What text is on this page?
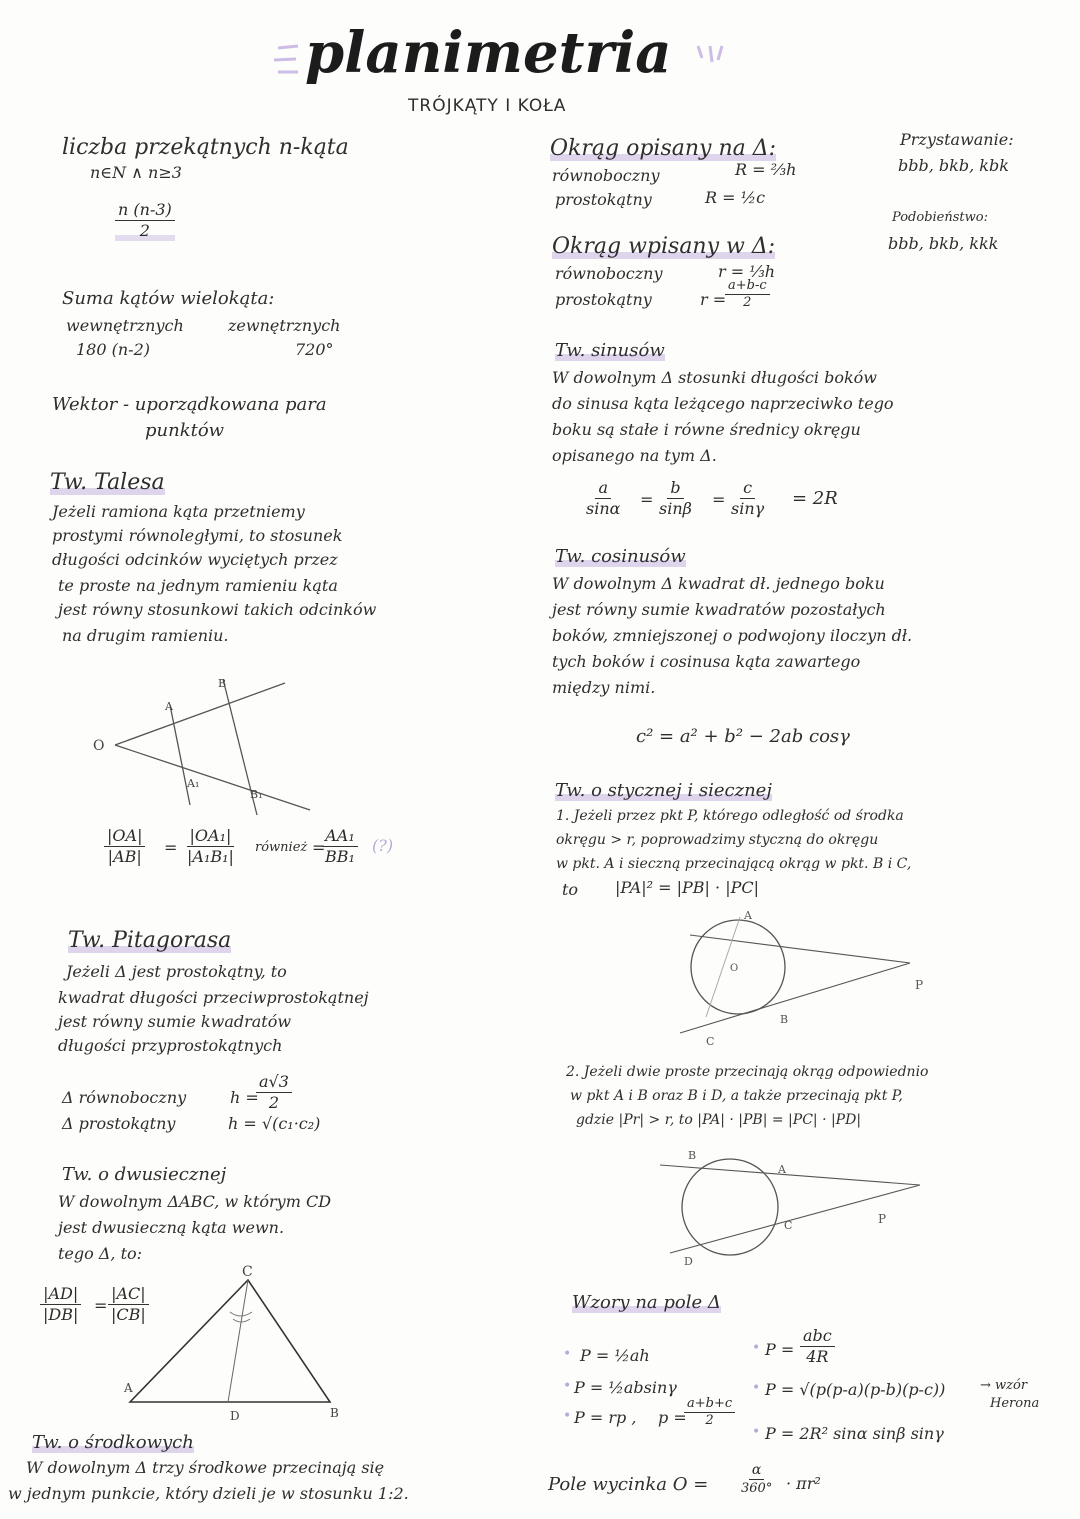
planimetria
TRÓJKĄTY I KOŁA
liczba przekątnych n-kąta
n∈N ∧ n≥3
$\frac{n (n-3)}{2}$
Suma kątów wielokąta:
wewnętrznych
180 (n-2)
zewnętrznych
720°
Wektor - uporządkowana para
punktów
Tw. Talesa
Jeżeli ramiona kąta przetniemy
prostymi równoległymi, to stosunek
długości odcinków wyciętych przez
te proste na jednym ramieniu kąta
jest równy stosunkowi takich odcinków
na drugim ramieniu.
O
A
B
A₁
B₁
$\frac{|OA|}{|AB|} = \frac{\text{|OA₁|}}{\text{|A₁B₁|}}$ również =
$\frac{\text{AA₁}}{\text{BB₁}}$ (?)
Tw. Pitagorasa
Jeżeli Δ jest prostokątny, to
kwadrat długości przeciwprostokątnej
jest równy sumie kwadratów
długości przyprostokątnych
Δ równoboczny	h =
$\frac{a√3}{2}$
Δ prostokątny	h = √(c₁·c₂)
Tw. o dwusiecznej
W dowolnym ΔABC, w którym CD
jest dwusieczną kąta wewn.
tego Δ, to:
$\frac{|AD|}{|DB|} = \frac{|AC|}{|CB|}$
C
A
D	B
Tw. o środkowych
W dowolnym Δ trzy środkowe przecinają się
w jednym punkcie, który dzieli je w stosunku 1:2.
Okrąg opisany na Δ:
równoboczny	R = ⅔h
prostokątny	R = ½c
Okrąg wpisany w Δ:
równoboczny	r = ⅓h
prostokątny	r =
$\frac{a+b-c}{2}$
Przystawanie:
bbb, bkb, kbk
Podobieństwo:
bbb, bkb, kkk
Tw. sinusów
W dowolnym Δ stosunki długości boków
do sinusa kąta leżącego naprzeciwko tego
boku są stałe i równe średnicy okręgu
opisanego na tym Δ.
$\frac{a}{\sin\alpha} = \frac{b}{\sin\beta} = \frac{c}{\sin\gamma} = 2R$
Tw. cosinusów
W dowolnym Δ kwadrat dł. jednego boku
jest równy sumie kwadratów pozostałych
boków, zmniejszonej o podwojony iloczyn dł.
tych boków i cosinusa kąta zawartego
między nimi.
c² = a² + b² − 2ab cosγ
Tw. o stycznej i siecznej
1. Jeżeli przez pkt P, którego odległość od środka
okręgu > r, poprowadzimy styczną do okręgu
w pkt. A i sieczną przecinającą okrąg w pkt. B i C,
to |PA|² = |PB| · |PC|
A
O
C
B
P
2. Jeżeli dwie proste przecinają okrąg odpowiednio
w pkt A i B oraz B i D, a także przecinają pkt P,
gdzie |Pr| > r, to |PA| · |PB| = |PC| · |PD|
B
A
C
D
P
Wzory na pole Δ
P = ½ah
P = ½absinγ
P = rp , p =
$\frac{a+b+c}{2}$
•
•
•
P =
abc
4R
P = √(p(p-a)(p-b)(p-c))	→ wzór
Herona
P = 2R² sinα sinβ sinγ
•
•
•
Pole wycinka $O = \frac{\alpha}{360^\circ} \cdot \pi r^2$
